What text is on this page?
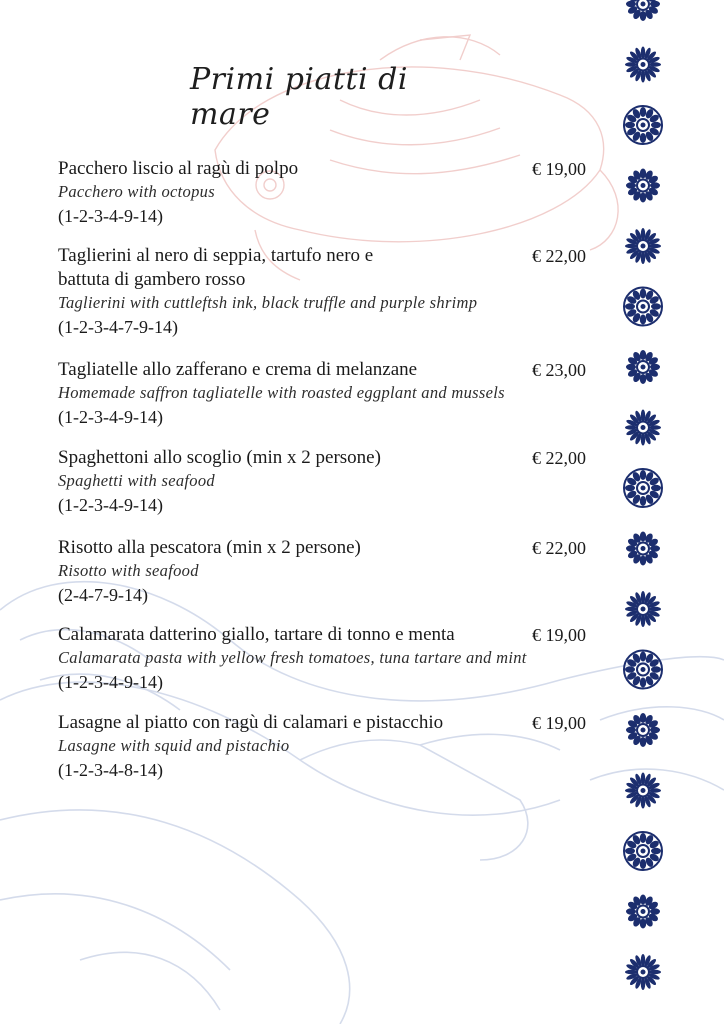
Primi piatti di mare
Pacchero liscio al ragù di polpo	€ 19,00
Pacchero with octopus
(1-2-3-4-9-14)
Taglierini al nero di seppia, tartufo nero e battuta di gambero rosso
€ 22,00
Taglierini with cuttleftsh ink, black truffle and purple shrimp
(1-2-3-4-7-9-14)
Tagliatelle allo zafferano e crema di melanzane	€ 23,00
Homemade saffron tagliatelle with roasted eggplant and mussels
(1-2-3-4-9-14)
Spaghettoni allo scoglio (min x 2 persone)	€ 22,00
Spaghetti with seafood
(1-2-3-4-9-14)
Risotto alla pescatora (min x 2 persone)	€ 22,00
Risotto with seafood
(2-4-7-9-14)
Calamarata datterino giallo, tartare di tonno e menta	€ 19,00
Calamarata pasta with yellow fresh tomatoes, tuna tartare and mint
(1-2-3-4-9-14)
Lasagne al piatto con ragù di calamari e pistacchio	€ 19,00
Lasagne with squid and pistachio
(1-2-3-4-8-14)
